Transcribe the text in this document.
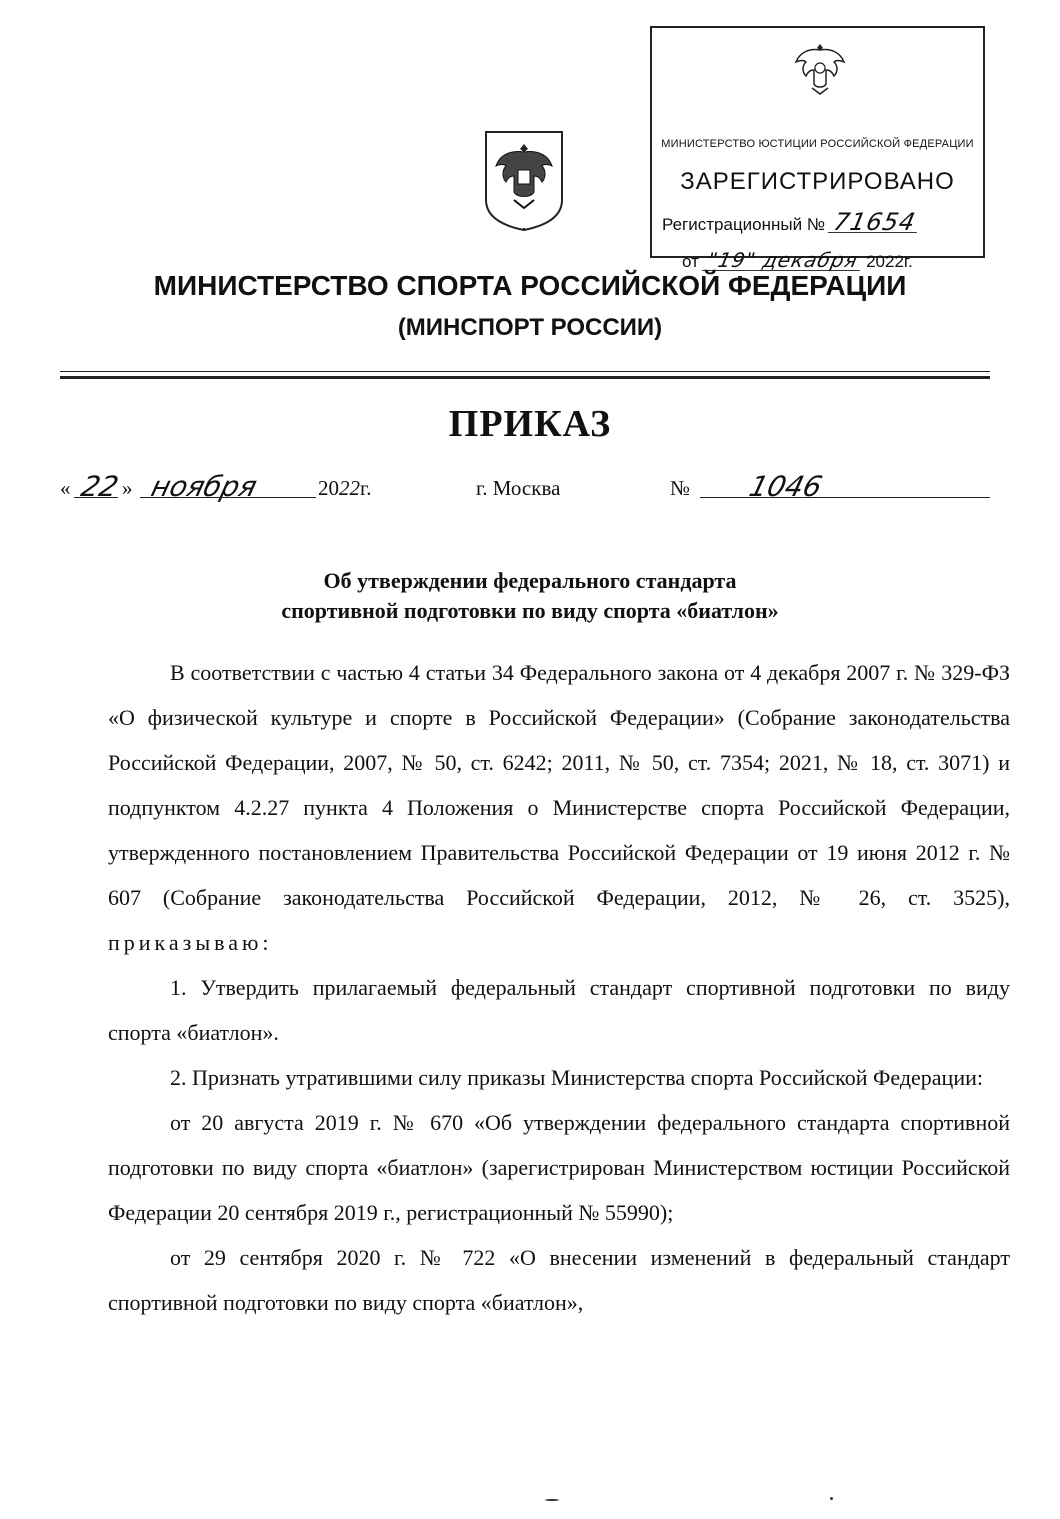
МИНИСТЕРСТВО ЮСТИЦИИ РОССИЙСКОЙ ФЕДЕРАЦИИ
ЗАРЕГИСТРИРОВАНО
Регистрационный № 71654
от "19" декабря 2022г.
МИНИСТЕРСТВО СПОРТА РОССИЙСКОЙ ФЕДЕРАЦИИ
(МИНСПОРТ РОССИИ)
ПРИКАЗ
« 22 » ноября	2022г.	г. Москва	№ 1046
Об утверждении федерального стандарта
спортивной подготовки по виду спорта «биатлон»

В соответствии с частью 4 статьи 34 Федерального закона от 4 декабря 2007 г. № 329-ФЗ «О физической культуре и спорте в Российской Федерации» (Собрание законодательства Российской Федерации, 2007, № 50, ст. 6242; 2011, № 50, ст. 7354; 2021, № 18, ст. 3071) и подпунктом 4.2.27 пункта 4 Положения о Министерстве спорта Российской Федерации, утвержденного постановлением Правительства Российской Федерации от 19 июня 2012 г. № 607 (Собрание законодательства Российской Федерации, 2012, № 26, ст. 3525), приказываю:

1. Утвердить прилагаемый федеральный стандарт спортивной подготовки по виду спорта «биатлон».

2. Признать утратившими силу приказы Министерства спорта Российской Федерации:

от 20 августа 2019 г. № 670 «Об утверждении федерального стандарта спортивной подготовки по виду спорта «биатлон» (зарегистрирован Министерством юстиции Российской Федерации 20 сентября 2019 г., регистрационный № 55990);

от 29 сентября 2020 г. № 722 «О внесении изменений в федеральный стандарт спортивной подготовки по виду спорта «биатлон»,
